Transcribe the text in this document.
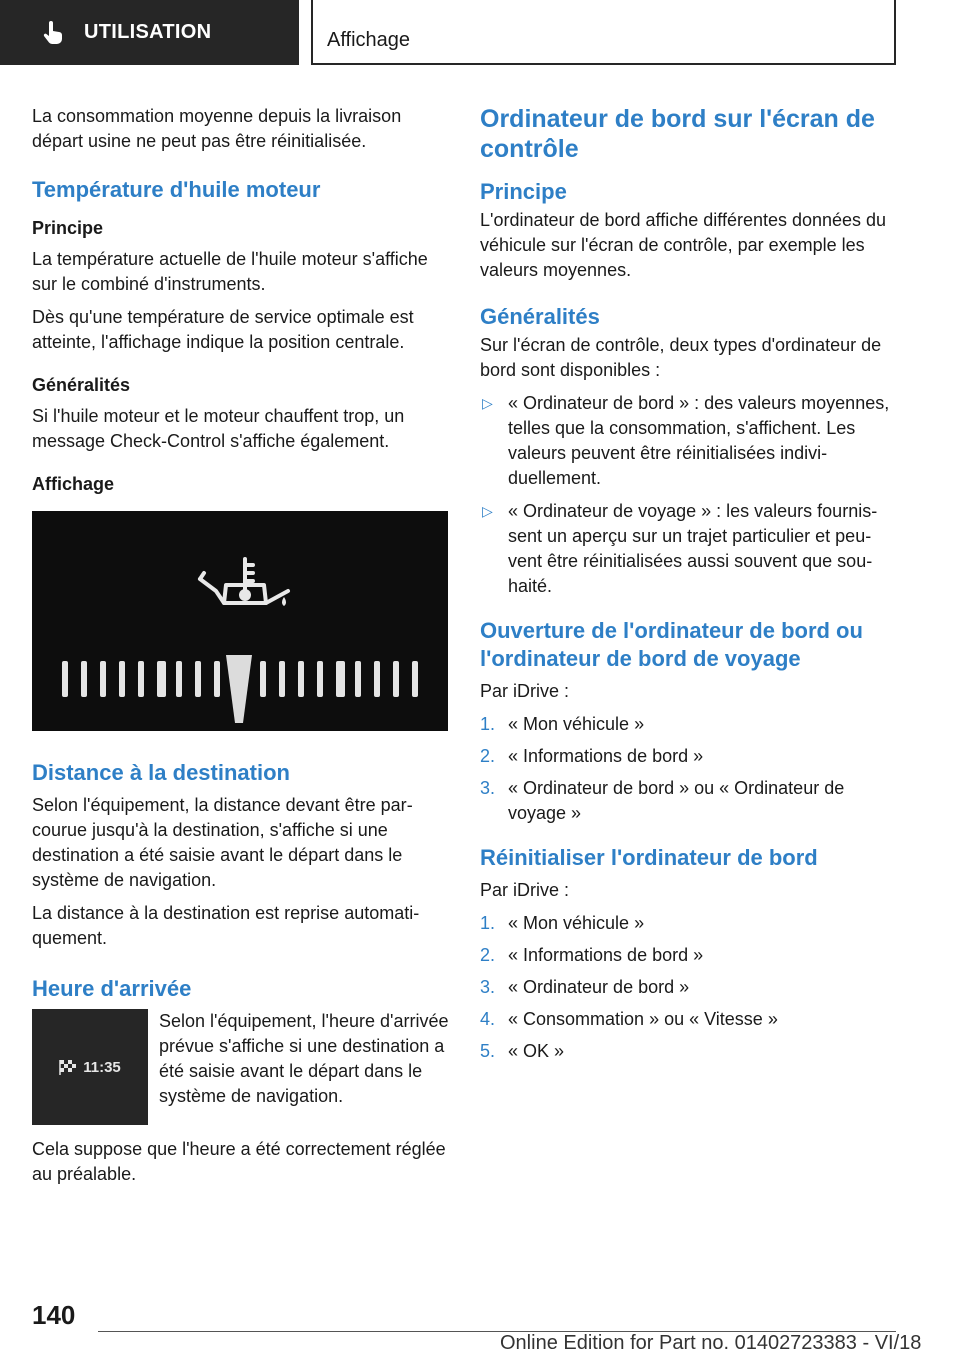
UTILISATION	Affichage

La consommation moyenne depuis la livraison départ usine ne peut pas être réinitialisée.

Température d'huile moteur
Principe

La température actuelle de l'huile moteur s'affiche sur le combiné d'instruments.

Dès qu'une température de service optimale est atteinte, l'affichage indique la position centrale.

Généralités

Si l'huile moteur et le moteur chauffent trop, un message Check-Control s'affiche également.

Affichage
Distance à la destination

Selon l'équipement, la distance devant être parcourue jusqu'à la destination, s'affiche si une destination a été saisie avant le départ dans le système de navigation.

La distance à la destination est reprise automatiquement.

Heure d'arrivée
11:35

Selon l'équipement, l'heure d'arrivée prévue s'affiche si une destination a été saisie avant le départ dans le système de navigation.

Cela suppose que l'heure a été correctement réglée au préalable.

Ordinateur de bord sur l'écran de contrôle
Principe

L'ordinateur de bord affiche différentes données du véhicule sur l'écran de contrôle, par exemple les valeurs moyennes.

Généralités

Sur l'écran de contrôle, deux types d'ordinateur de bord sont disponibles :

▷ « Ordinateur de bord » : des valeurs moyennes, telles que la consommation, s'affichent. Les valeurs peuvent être réinitialisées individuellement.
▷ « Ordinateur de voyage » : les valeurs fournissent un aperçu sur un trajet particulier et peuvent être réinitialisées aussi souvent que souhaité.
Ouverture de l'ordinateur de bord ou l'ordinateur de bord de voyage

Par iDrive :

1. « Mon véhicule »
2. « Informations de bord »
3. « Ordinateur de bord » ou « Ordinateur de voyage »
Réinitialiser l'ordinateur de bord

Par iDrive :

1. « Mon véhicule »
2. « Informations de bord »
3. « Ordinateur de bord »
4. « Consommation » ou « Vitesse »
5. « OK »
140
Online Edition for Part no. 01402723383 - VI/18
